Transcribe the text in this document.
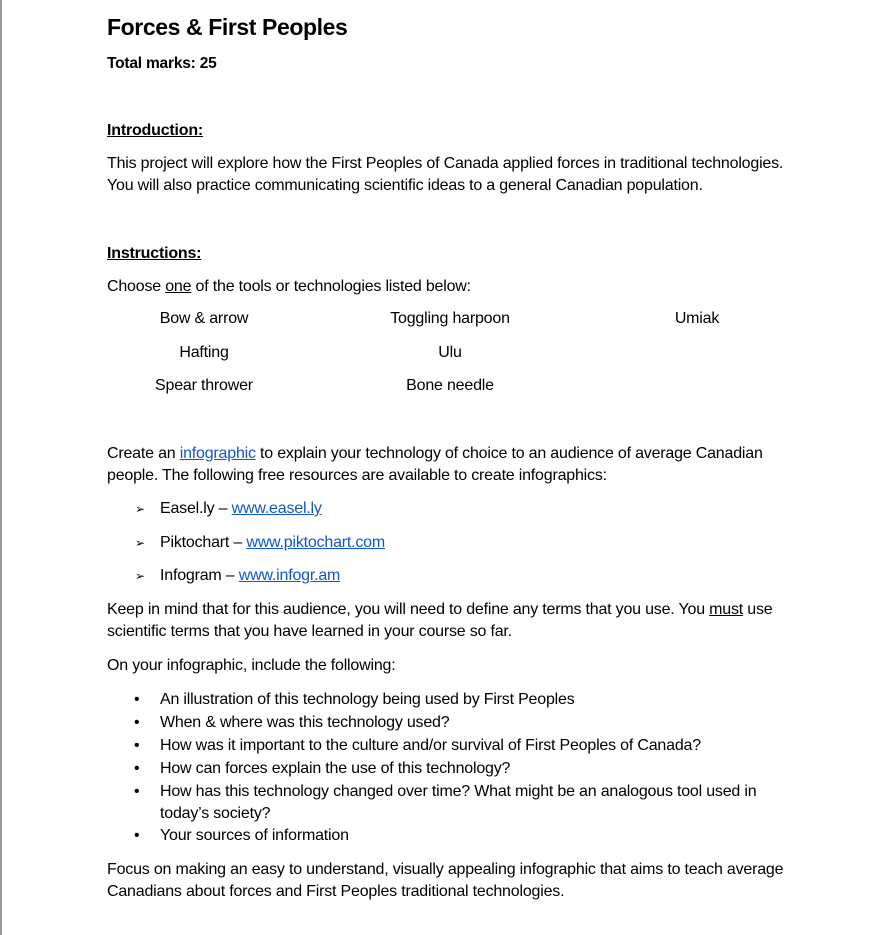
Forces & First Peoples
Total marks: 25
Introduction:

This project will explore how the First Peoples of Canada applied forces in traditional technologies. You will also practice communicating scientific ideas to a general Canadian population.

Instructions:

Choose one of the tools or technologies listed below:

Bow & arrow	Toggling harpoon	Umiak
Hafting	Ulu
Spear thrower	Bone needle

Create an infographic to explain your technology of choice to an audience of average Canadian people. The following free resources are available to create infographics:

➢ Easel.ly – www.easel.ly
➢ Piktochart – www.piktochart.com
➢ Infogram – www.infogr.am

Keep in mind that for this audience, you will need to define any terms that you use. You must use scientific terms that you have learned in your course so far.

On your infographic, include the following:

• An illustration of this technology being used by First Peoples
• When & where was this technology used?
• How was it important to the culture and/or survival of First Peoples of Canada?
• How can forces explain the use of this technology?
• How has this technology changed over time? What might be an analogous tool used in today’s society?
• Your sources of information

Focus on making an easy to understand, visually appealing infographic that aims to teach average Canadians about forces and First Peoples traditional technologies.
